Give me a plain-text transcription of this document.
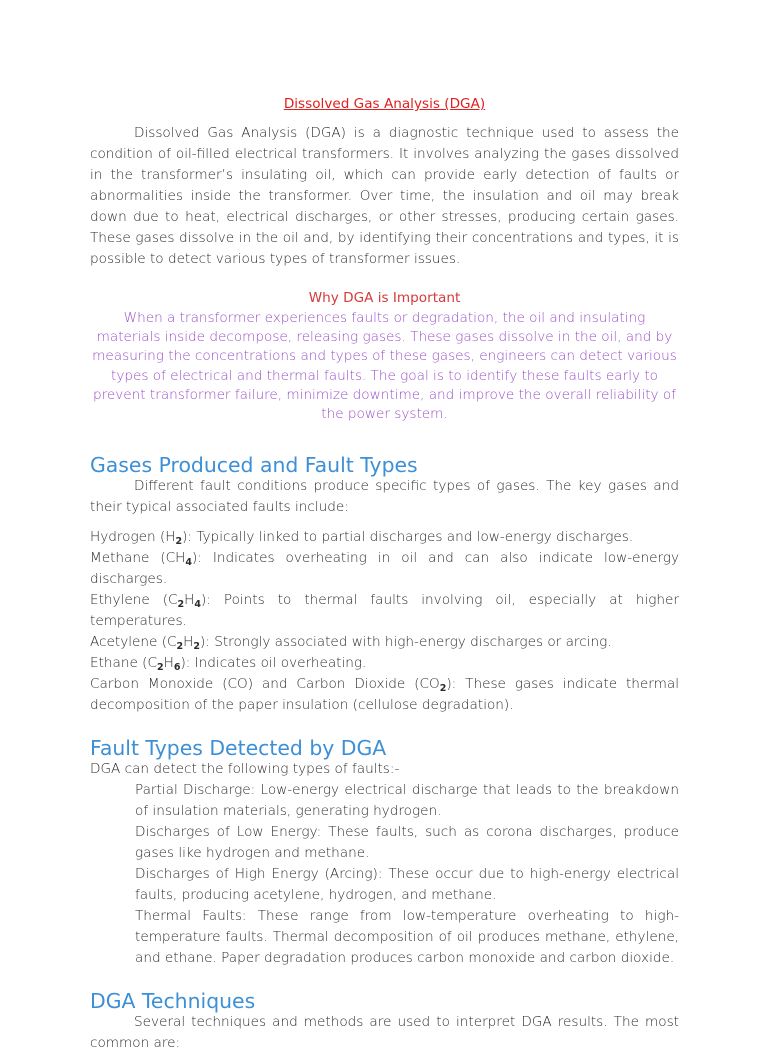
Dissolved Gas Analysis (DGA)

Dissolved Gas Analysis (DGA) is a diagnostic technique used to assess the condition of oil-filled electrical transformers. It involves analyzing the gases dissolved in the transformer’s insulating oil, which can provide early detection of faults or abnormalities inside the transformer. Over time, the insulation and oil may break down due to heat, electrical discharges, or other stresses, producing certain gases. These gases dissolve in the oil and, by identifying their concentrations and types, it is possible to detect various types of transformer issues.

Why DGA is Important

When a transformer experiences faults or degradation, the oil and insulating materials inside decompose, releasing gases. These gases dissolve in the oil, and by measuring the concentrations and types of these gases, engineers can detect various types of electrical and thermal faults. The goal is to identify these faults early to prevent transformer failure, minimize downtime, and improve the overall reliability of the power system.

Gases Produced and Fault Types

Different fault conditions produce specific types of gases. The key gases and their typical associated faults include:

Hydrogen $(H_2)$: Typically linked to partial discharges and low-energy discharges.

Methane $(CH_4)$: Indicates overheating in oil and can also indicate low-energy discharges.

Ethylene $(C_2H_4)$: Points to thermal faults involving oil, especially at higher temperatures.

Acetylene $(C_2H_2)$: Strongly associated with high-energy discharges or arcing.

Ethane $(C_2H_6)$: Indicates oil overheating.

Carbon Monoxide (CO) and Carbon Dioxide $(CO_2)$: These gases indicate thermal decomposition of the paper insulation (cellulose degradation).

Fault Types Detected by DGA

DGA can detect the following types of faults:-

Partial Discharge: Low-energy electrical discharge that leads to the breakdown of insulation materials, generating hydrogen.

Discharges of Low Energy: These faults, such as corona discharges, produce gases like hydrogen and methane.

Discharges of High Energy (Arcing): These occur due to high-energy electrical faults, producing acetylene, hydrogen, and methane.

Thermal Faults: These range from low-temperature overheating to high-temperature faults. Thermal decomposition of oil produces methane, ethylene, and ethane. Paper degradation produces carbon monoxide and carbon dioxide.

DGA Techniques

Several techniques and methods are used to interpret DGA results. The most common are:
